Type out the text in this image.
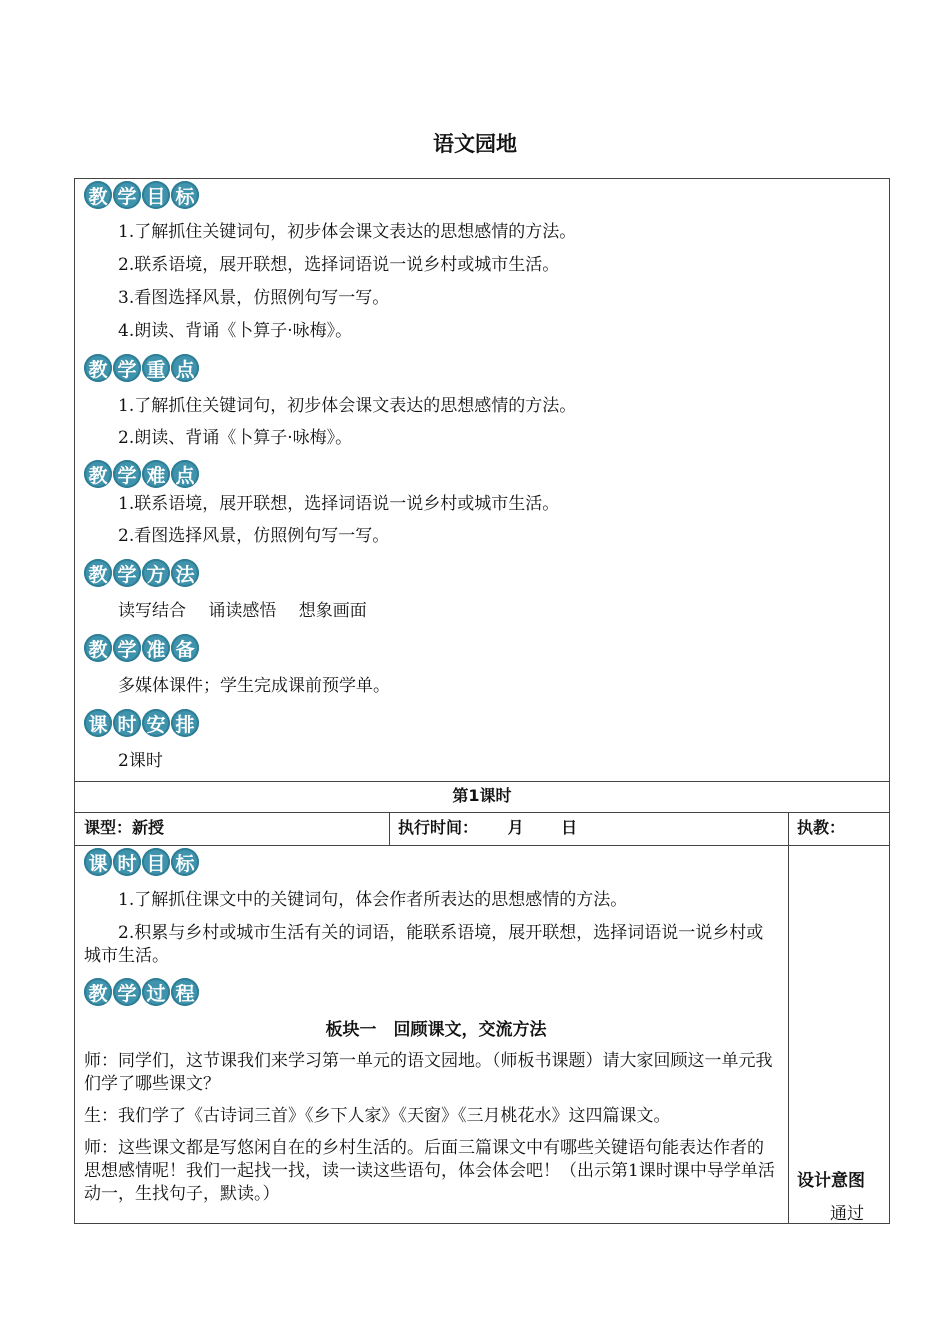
语文园地
教 学 目 标
1.了解抓住关键词句，初步体会课文表达的思想感情的方法。
2.联系语境，展开联想，选择词语说一说乡村或城市生活。
3.看图选择风景，仿照例句写一写。
4.朗读、背诵《卜算子·咏梅》。
教 学 重 点
1.了解抓住关键词句，初步体会课文表达的思想感情的方法。
2.朗读、背诵《卜算子·咏梅》。
教 学 难 点
1.联系语境，展开联想，选择词语说一说乡村或城市生活。
2.看图选择风景，仿照例句写一写。
教 学 方 法
读写结合　 诵读感悟　 想象画面
教 学 准 备
多媒体课件；学生完成课前预学单。
课 时 安 排
2课时
第1课时
课型：新授	执行时间：　　 月　　 日	执教：
课 时 目 标
1.了解抓住课文中的关键词句，体会作者所表达的思想感情的方法。
2.积累与乡村或城市生活有关的词语，能联系语境，展开联想，选择词语说一说乡村或城市生活。
教 学 过 程
板块一　回顾课文，交流方法
师：同学们，这节课我们来学习第一单元的语文园地。（师板书课题）请大家回顾这一单元我们学了哪些课文？
生：我们学了《古诗词三首》《乡下人家》《天窗》《三月桃花水》这四篇课文。
师：这些课文都是写悠闲自在的乡村生活的。后面三篇课文中有哪些关键语句能表达作者的思想感情呢！我们一起找一找，读一读这些语句，体会体会吧！（出示第1课时课中导学单活动一，生找句子，默读。）
设计意图
通过
